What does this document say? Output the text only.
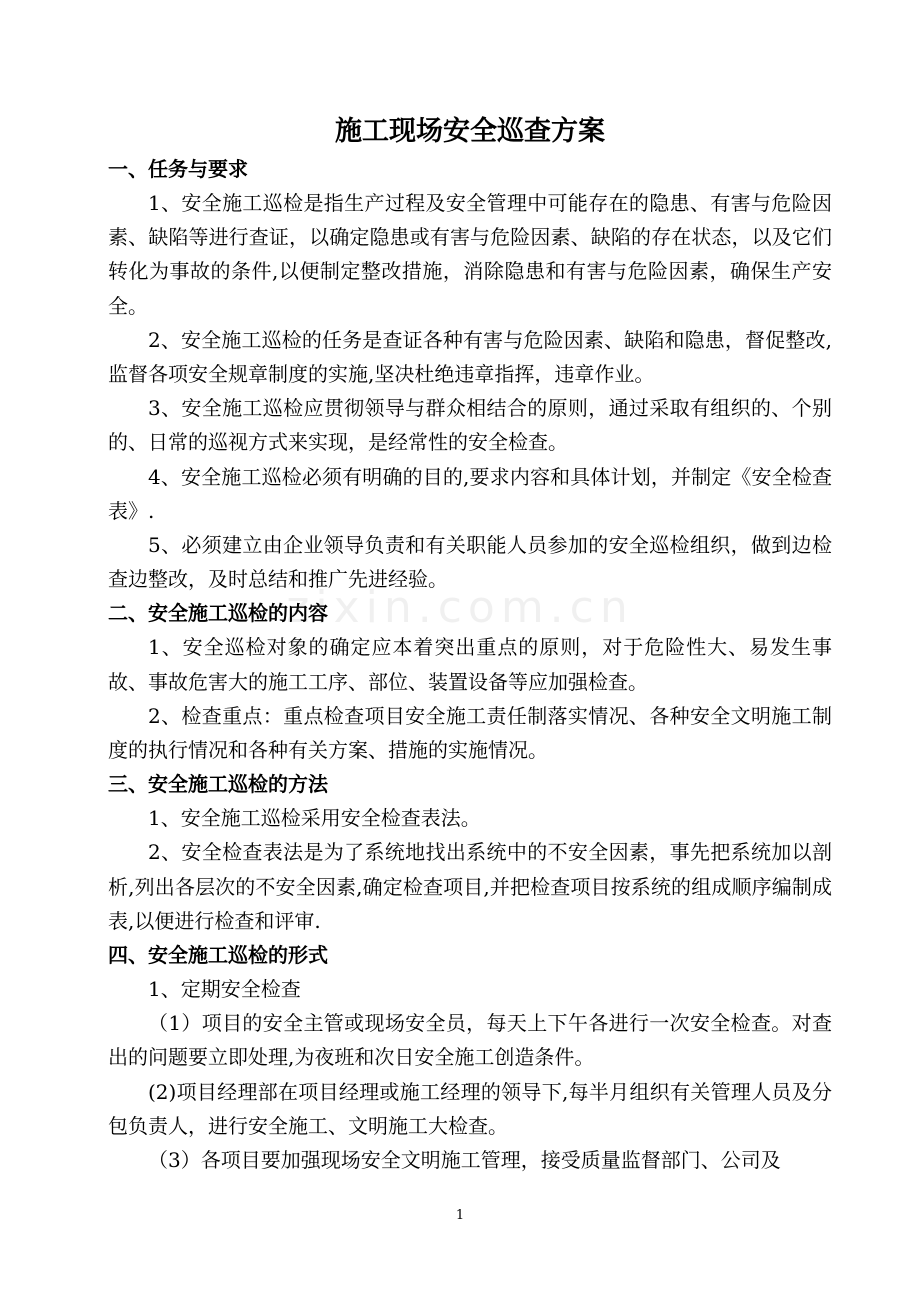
zixin.com.cn
施工现场安全巡查方案
一、任务与要求

1、安全施工巡检是指生产过程及安全管理中可能存在的隐患、有害与危险因素、缺陷等进行查证，以确定隐患或有害与危险因素、缺陷的存在状态，以及它们转化为事故的条件,以便制定整改措施，消除隐患和有害与危险因素，确保生产安全。

2、安全施工巡检的任务是查证各种有害与危险因素、缺陷和隐患，督促整改,监督各项安全规章制度的实施,坚决杜绝违章指挥，违章作业。

3、安全施工巡检应贯彻领导与群众相结合的原则，通过采取有组织的、个别的、日常的巡视方式来实现，是经常性的安全检查。

4、安全施工巡检必须有明确的目的,要求内容和具体计划，并制定《安全检查表》.

5、必须建立由企业领导负责和有关职能人员参加的安全巡检组织，做到边检查边整改，及时总结和推广先进经验。

二、安全施工巡检的内容

1、安全巡检对象的确定应本着突出重点的原则，对于危险性大、易发生事故、事故危害大的施工工序、部位、装置设备等应加强检查。

2、检查重点：重点检查项目安全施工责任制落实情况、各种安全文明施工制度的执行情况和各种有关方案、措施的实施情况。

三、安全施工巡检的方法

1、安全施工巡检采用安全检查表法。

2、安全检查表法是为了系统地找出系统中的不安全因素，事先把系统加以剖析,列出各层次的不安全因素,确定检查项目,并把检查项目按系统的组成顺序编制成表,以便进行检查和评审.

四、安全施工巡检的形式

1、定期安全检查

（1）项目的安全主管或现场安全员，每天上下午各进行一次安全检查。对查出的问题要立即处理,为夜班和次日安全施工创造条件。

(2)项目经理部在项目经理或施工经理的领导下,每半月组织有关管理人员及分包负责人，进行安全施工、文明施工大检查。

（3）各项目要加强现场安全文明施工管理，接受质量监督部门、公司及

1
